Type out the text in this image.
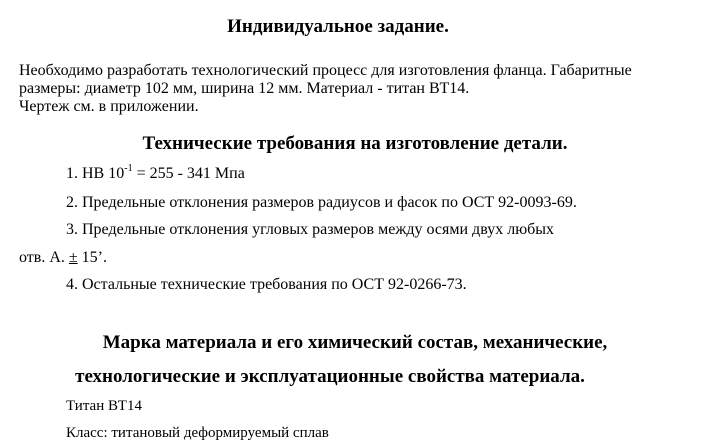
Индивидуальное задание.
Необходимо разработать технологический процесс для изготовления фланца. Габаритные
размеры: диаметр 102 мм, ширина 12 мм. Материал - титан ВТ14.
Чертеж см. в приложении.
Технические требования на изготовление детали.
1. НВ $10^{-1} = 255 - 341$ Мпа
2. Предельные отклонения размеров радиусов и фасок по ОСТ 92-0093-69.
3. Предельные отклонения угловых размеров между осями двух любых
отв. А. ± 15’.
4. Остальные технические требования по ОСТ 92-0266-73.
Марка материала и его химический состав, механические,
технологические и эксплуатационные свойства материала.
Титан ВТ14
Класс: титановый деформируемый сплав
